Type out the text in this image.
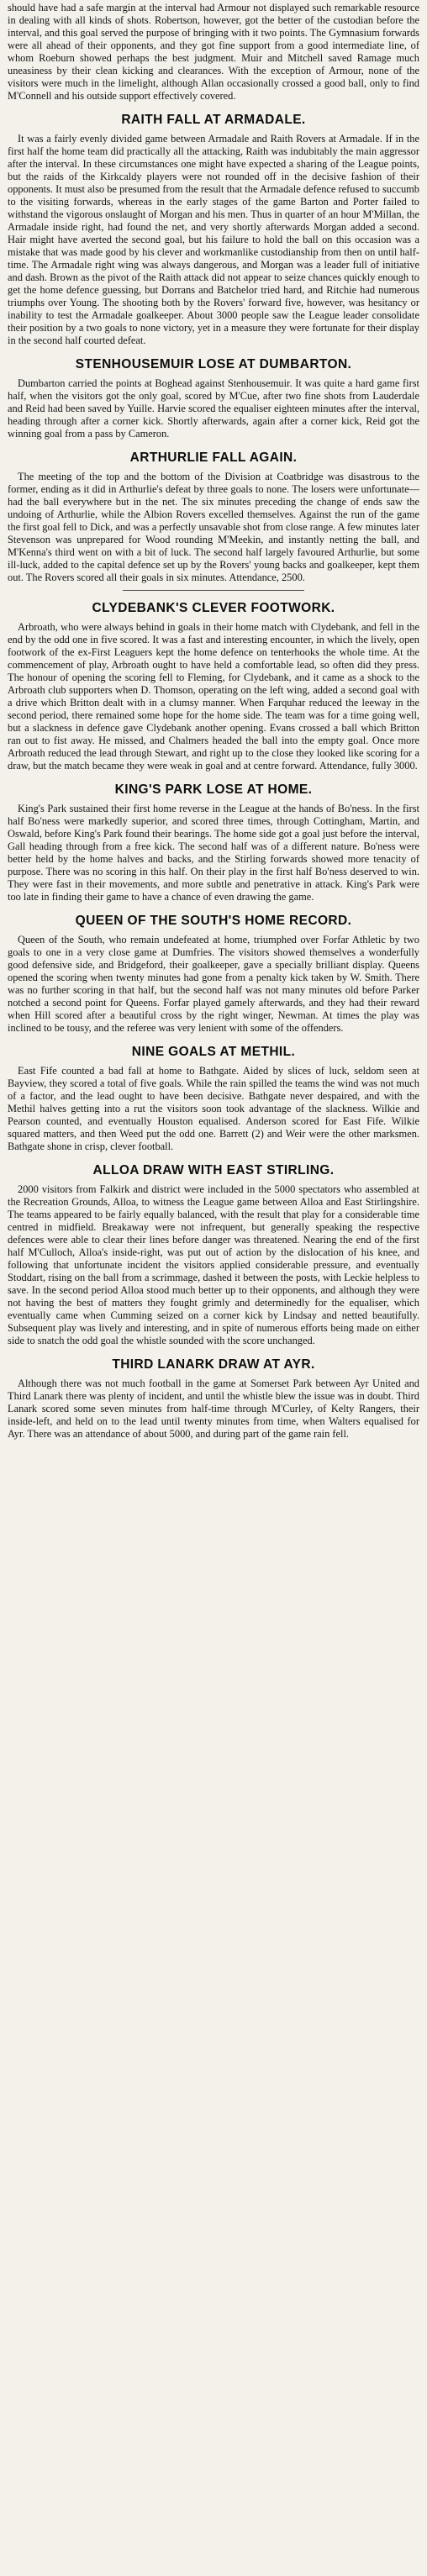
should have had a safe margin at the interval had Armour not displayed such remarkable resource in dealing with all kinds of shots. Robertson, however, got the better of the custodian before the interval, and this goal served the purpose of bringing with it two points. The Gymnasium forwards were all ahead of their opponents, and they got fine support from a good intermediate line, of whom Roeburn showed perhaps the best judgment. Muir and Mitchell saved Ramage much uneasiness by their clean kicking and clearances. With the exception of Armour, none of the visitors were much in the limelight, although Allan occasionally crossed a good ball, only to find M'Connell and his outside support effectively covered.

RAITH FALL AT ARMADALE.

It was a fairly evenly divided game between Armadale and Raith Rovers at Armadale. If in the first half the home team did practically all the attacking, Raith was indubitably the main aggressor after the interval. In these circumstances one might have expected a sharing of the League points, but the raids of the Kirkcaldy players were not rounded off in the decisive fashion of their opponents. It must also be presumed from the result that the Armadale defence refused to succumb to the visiting forwards, whereas in the early stages of the game Barton and Porter failed to withstand the vigorous onslaught of Morgan and his men. Thus in quarter of an hour M'Millan, the Armadale inside right, had found the net, and very shortly afterwards Morgan added a second. Hair might have averted the second goal, but his failure to hold the ball on this occasion was a mistake that was made good by his clever and workmanlike custodianship from then on until half-time. The Armadale right wing was always dangerous, and Morgan was a leader full of initiative and dash. Brown as the pivot of the Raith attack did not appear to seize chances quickly enough to get the home defence guessing, but Dorrans and Batchelor tried hard, and Ritchie had numerous triumphs over Young. The shooting both by the Rovers' forward five, however, was hesitancy or inability to test the Armadale goalkeeper. About 3000 people saw the League leader consolidate their position by a two goals to none victory, yet in a measure they were fortunate for their display in the second half courted defeat.

STENHOUSEMUIR LOSE AT DUMBARTON.

Dumbarton carried the points at Boghead against Stenhousemuir. It was quite a hard game first half, when the visitors got the only goal, scored by M'Cue, after two fine shots from Lauderdale and Reid had been saved by Yuille. Harvie scored the equaliser eighteen minutes after the interval, heading through after a corner kick. Shortly afterwards, again after a corner kick, Reid got the winning goal from a pass by Cameron.

ARTHURLIE FALL AGAIN.

The meeting of the top and the bottom of the Division at Coatbridge was disastrous to the former, ending as it did in Arthurlie's defeat by three goals to none. The losers were unfortunate—had the ball everywhere but in the net. The six minutes preceding the change of ends saw the undoing of Arthurlie, while the Albion Rovers excelled themselves. Against the run of the game the first goal fell to Dick, and was a perfectly unsavable shot from close range. A few minutes later Stevenson was unprepared for Wood rounding M'Meekin, and instantly netting the ball, and M'Kenna's third went on with a bit of luck. The second half largely favoured Arthurlie, but some ill-luck, added to the capital defence set up by the Rovers' young backs and goalkeeper, kept them out. The Rovers scored all their goals in six minutes. Attendance, 2500.

CLYDEBANK'S CLEVER FOOTWORK.

Arbroath, who were always behind in goals in their home match with Clydebank, and fell in the end by the odd one in five scored. It was a fast and interesting encounter, in which the lively, open footwork of the ex-First Leaguers kept the home defence on tenterhooks the whole time. At the commencement of play, Arbroath ought to have held a comfortable lead, so often did they press. The honour of opening the scoring fell to Fleming, for Clydebank, and it came as a shock to the Arbroath club supporters when D. Thomson, operating on the left wing, added a second goal with a drive which Britton dealt with in a clumsy manner. When Farquhar reduced the leeway in the second period, there remained some hope for the home side. The team was for a time going well, but a slackness in defence gave Clydebank another opening. Evans crossed a ball which Britton ran out to fist away. He missed, and Chalmers headed the ball into the empty goal. Once more Arbroath reduced the lead through Stewart, and right up to the close they looked like scoring for a draw, but the match became they were weak in goal and at centre forward. Attendance, fully 3000.

KING'S PARK LOSE AT HOME.

King's Park sustained their first home reverse in the League at the hands of Bo'ness. In the first half Bo'ness were markedly superior, and scored three times, through Cottingham, Martin, and Oswald, before King's Park found their bearings. The home side got a goal just before the interval, Gall heading through from a free kick. The second half was of a different nature. Bo'ness were better held by the home halves and backs, and the Stirling forwards showed more tenacity of purpose. There was no scoring in this half. On their play in the first half Bo'ness deserved to win. They were fast in their movements, and more subtle and penetrative in attack. King's Park were too late in finding their game to have a chance of even drawing the game.

QUEEN OF THE SOUTH'S HOME RECORD.

Queen of the South, who remain undefeated at home, triumphed over Forfar Athletic by two goals to one in a very close game at Dumfries. The visitors showed themselves a wonderfully good defensive side, and Bridgeford, their goalkeeper, gave a specially brilliant display. Queens opened the scoring when twenty minutes had gone from a penalty kick taken by W. Smith. There was no further scoring in that half, but the second half was not many minutes old before Parker notched a second point for Queens. Forfar played gamely afterwards, and they had their reward when Hill scored after a beautiful cross by the right winger, Newman. At times the play was inclined to be tousy, and the referee was very lenient with some of the offenders.

NINE GOALS AT METHIL.

East Fife counted a bad fall at home to Bathgate. Aided by slices of luck, seldom seen at Bayview, they scored a total of five goals. While the rain spilled the teams the wind was not much of a factor, and the lead ought to have been decisive. Bathgate never despaired, and with the Methil halves getting into a rut the visitors soon took advantage of the slackness. Wilkie and Pearson counted, and eventually Houston equalised. Anderson scored for East Fife. Wilkie squared matters, and then Weed put the odd one. Barrett (2) and Weir were the other marksmen. Bathgate shone in crisp, clever football.

ALLOA DRAW WITH EAST STIRLING.

2000 visitors from Falkirk and district were included in the 5000 spectators who assembled at the Recreation Grounds, Alloa, to witness the League game between Alloa and East Stirlingshire. The teams appeared to be fairly equally balanced, with the result that play for a considerable time centred in midfield. Breakaway were not infrequent, but generally speaking the respective defences were able to clear their lines before danger was threatened. Nearing the end of the first half M'Culloch, Alloa's inside-right, was put out of action by the dislocation of his knee, and following that unfortunate incident the visitors applied considerable pressure, and eventually Stoddart, rising on the ball from a scrimmage, dashed it between the posts, with Leckie helpless to save. In the second period Alloa stood much better up to their opponents, and although they were not having the best of matters they fought grimly and determinedly for the equaliser, which eventually came when Cumming seized on a corner kick by Lindsay and netted beautifully. Subsequent play was lively and interesting, and in spite of numerous efforts being made on either side to snatch the odd goal the whistle sounded with the score unchanged.

THIRD LANARK DRAW AT AYR.

Although there was not much football in the game at Somerset Park between Ayr United and Third Lanark there was plenty of incident, and until the whistle blew the issue was in doubt. Third Lanark scored some seven minutes from half-time through M'Curley, of Kelty Rangers, their inside-left, and held on to the lead until twenty minutes from time, when Walters equalised for Ayr. There was an attendance of about 5000, and during part of the game rain fell.
